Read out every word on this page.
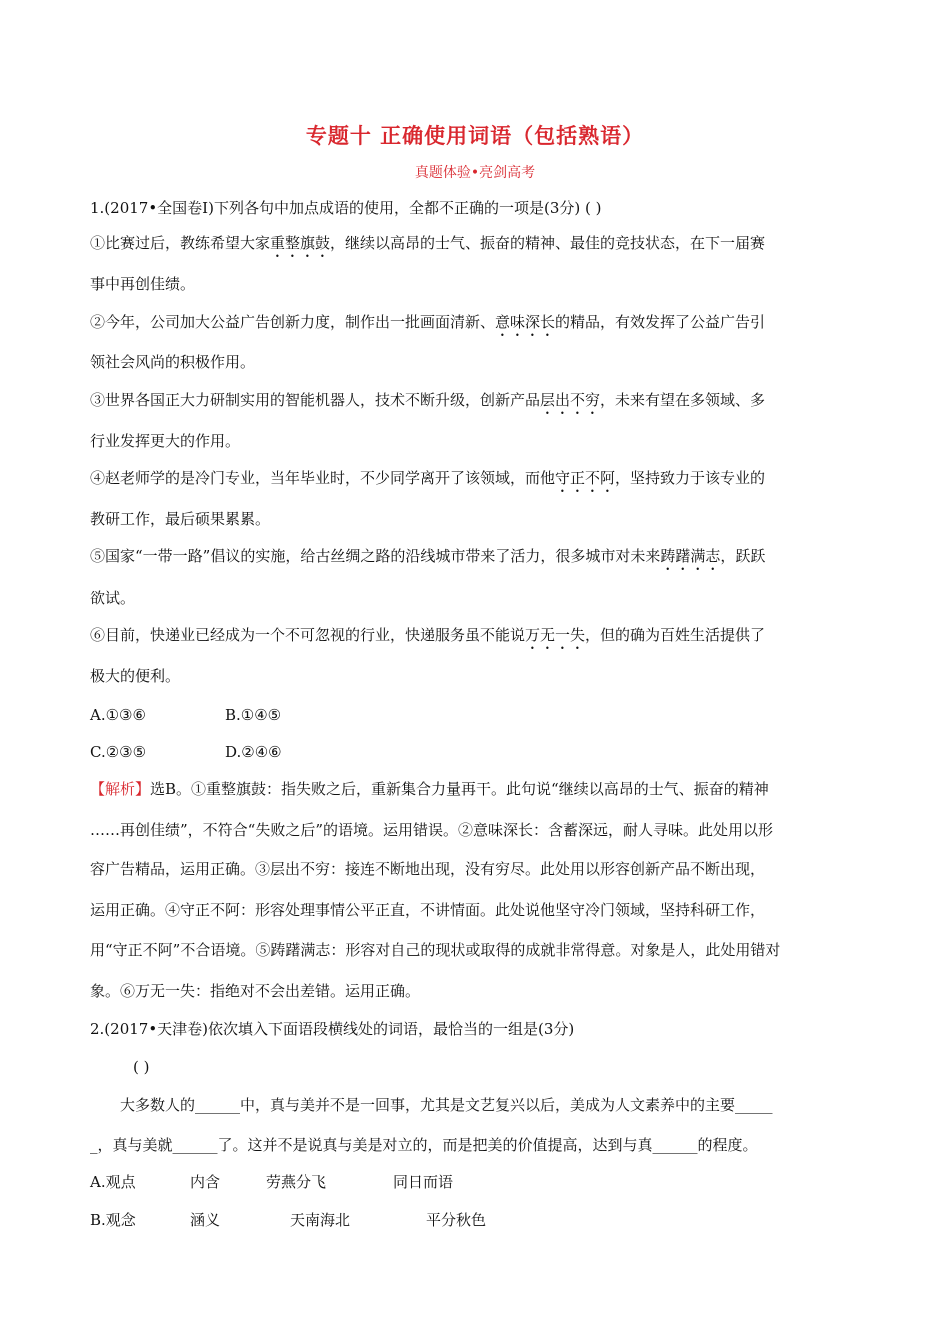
专题十 正确使用词语（包括熟语）
真题体验•亮剑高考
1.(2017•全国卷Ⅰ)下列各句中加点成语的使用，全都不正确的一项是(3分) ( )
①比赛过后，教练希望大家重整旗鼓，继续以高昂的士气、振奋的精神、最佳的竞技状态，在下一届赛
事中再创佳绩。
②今年，公司加大公益广告创新力度，制作出一批画面清新、意味深长的精品，有效发挥了公益广告引
领社会风尚的积极作用。
③世界各国正大力研制实用的智能机器人，技术不断升级，创新产品层出不穷，未来有望在多领域、多
行业发挥更大的作用。
④赵老师学的是冷门专业，当年毕业时，不少同学离开了该领域，而他守正不阿，坚持致力于该专业的
教研工作，最后硕果累累。
⑤国家“一带一路”倡议的实施，给古丝绸之路的沿线城市带来了活力，很多城市对未来踌躇满志，跃跃
欲试。
⑥目前，快递业已经成为一个不可忽视的行业，快递服务虽不能说万无一失，但的确为百姓生活提供了
极大的便利。
A.①③⑥	B.①④⑤
C.②③⑤	D.②④⑥
【解析】选B。①重整旗鼓：指失败之后，重新集合力量再干。此句说“继续以高昂的士气、振奋的精神
……再创佳绩”，不符合“失败之后”的语境。运用错误。②意味深长：含蓄深远，耐人寻味。此处用以形
容广告精品，运用正确。③层出不穷：接连不断地出现，没有穷尽。此处用以形容创新产品不断出现，
运用正确。④守正不阿：形容处理事情公平正直，不讲情面。此处说他坚守冷门领域，坚持科研工作，
用“守正不阿”不合语境。⑤踌躇满志：形容对自己的现状或取得的成就非常得意。对象是人，此处用错对
象。⑥万无一失：指绝对不会出差错。运用正确。
2.(2017•天津卷)依次填入下面语段横线处的词语，最恰当的一组是(3分)
( )
大多数人的______中，真与美并不是一回事，尤其是文艺复兴以后，美成为人文素养中的主要_____
_，真与美就______了。这并不是说真与美是对立的，而是把美的价值提高，达到与真______的程度。
A.观点	内含	劳燕分飞	同日而语
B.观念	涵义	天南海北	平分秋色
